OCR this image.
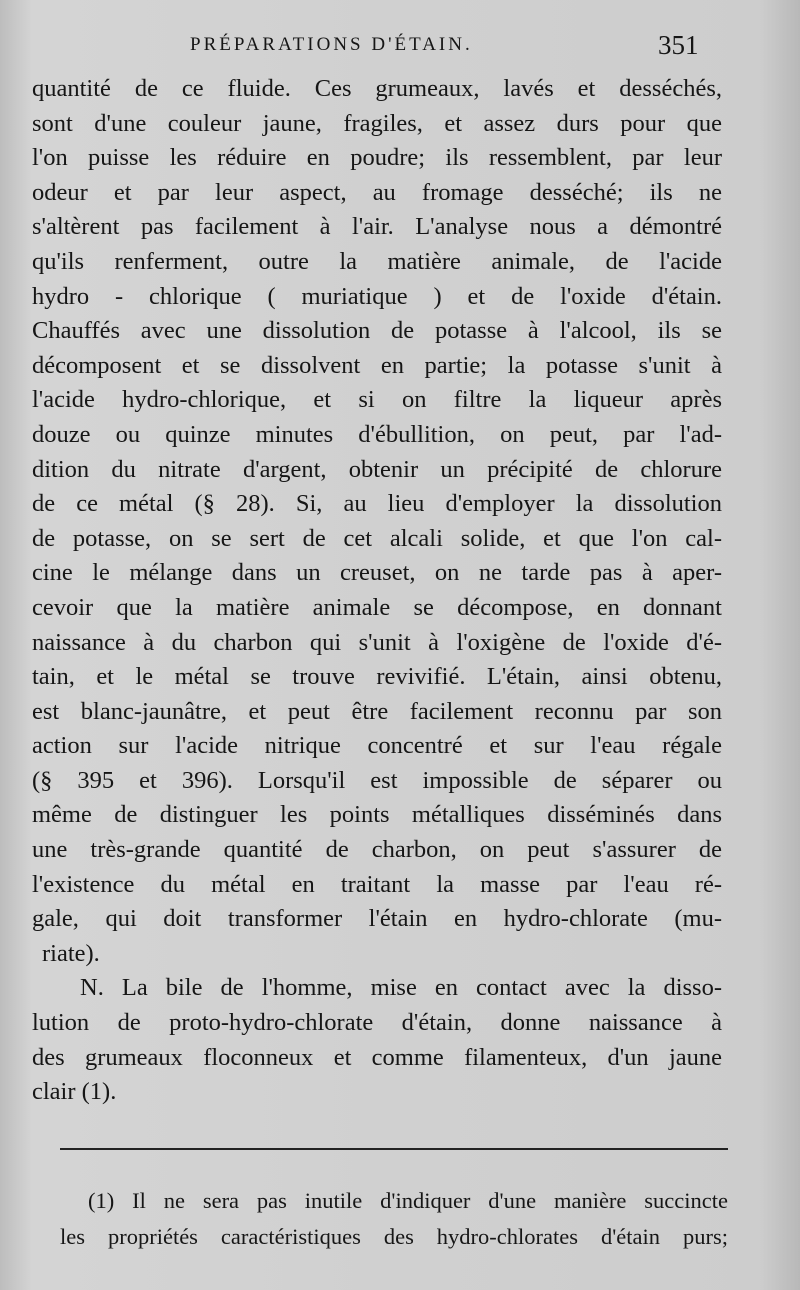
PRÉPARATIONS D'ÉTAIN.	351
quantité de ce fluide. Ces grumeaux, lavés et desséchés,
sont d'une couleur jaune, fragiles, et assez durs pour que
l'on puisse les réduire en poudre; ils ressemblent, par leur
odeur et par leur aspect, au fromage desséché; ils ne
s'altèrent pas facilement à l'air. L'analyse nous a démontré
qu'ils renferment, outre la matière animale, de l'acide
hydro - chlorique ( muriatique ) et de l'oxide d'étain.
Chauffés avec une dissolution de potasse à l'alcool, ils se
décomposent et se dissolvent en partie; la potasse s'unit à
l'acide hydro-chlorique, et si on filtre la liqueur après
douze ou quinze minutes d'ébullition, on peut, par l'ad-
dition du nitrate d'argent, obtenir un précipité de chlorure
de ce métal (§ 28). Si, au lieu d'employer la dissolution
de potasse, on se sert de cet alcali solide, et que l'on cal-
cine le mélange dans un creuset, on ne tarde pas à aper-
cevoir que la matière animale se décompose, en donnant
naissance à du charbon qui s'unit à l'oxigène de l'oxide d'é-
tain, et le métal se trouve revivifié. L'étain, ainsi obtenu,
est blanc-jaunâtre, et peut être facilement reconnu par son
action sur l'acide nitrique concentré et sur l'eau régale
(§ 395 et 396). Lorsqu'il est impossible de séparer ou
même de distinguer les points métalliques disséminés dans
une très-grande quantité de charbon, on peut s'assurer de
l'existence du métal en traitant la masse par l'eau ré-
gale, qui doit transformer l'étain en hydro-chlorate (mu-
riate).
N. La bile de l'homme, mise en contact avec la disso-
lution de proto-hydro-chlorate d'étain, donne naissance à
des grumeaux floconneux et comme filamenteux, d'un jaune
clair (1).
(1) Il ne sera pas inutile d'indiquer d'une manière succincte
les propriétés caractéristiques des hydro-chlorates d'étain purs;
